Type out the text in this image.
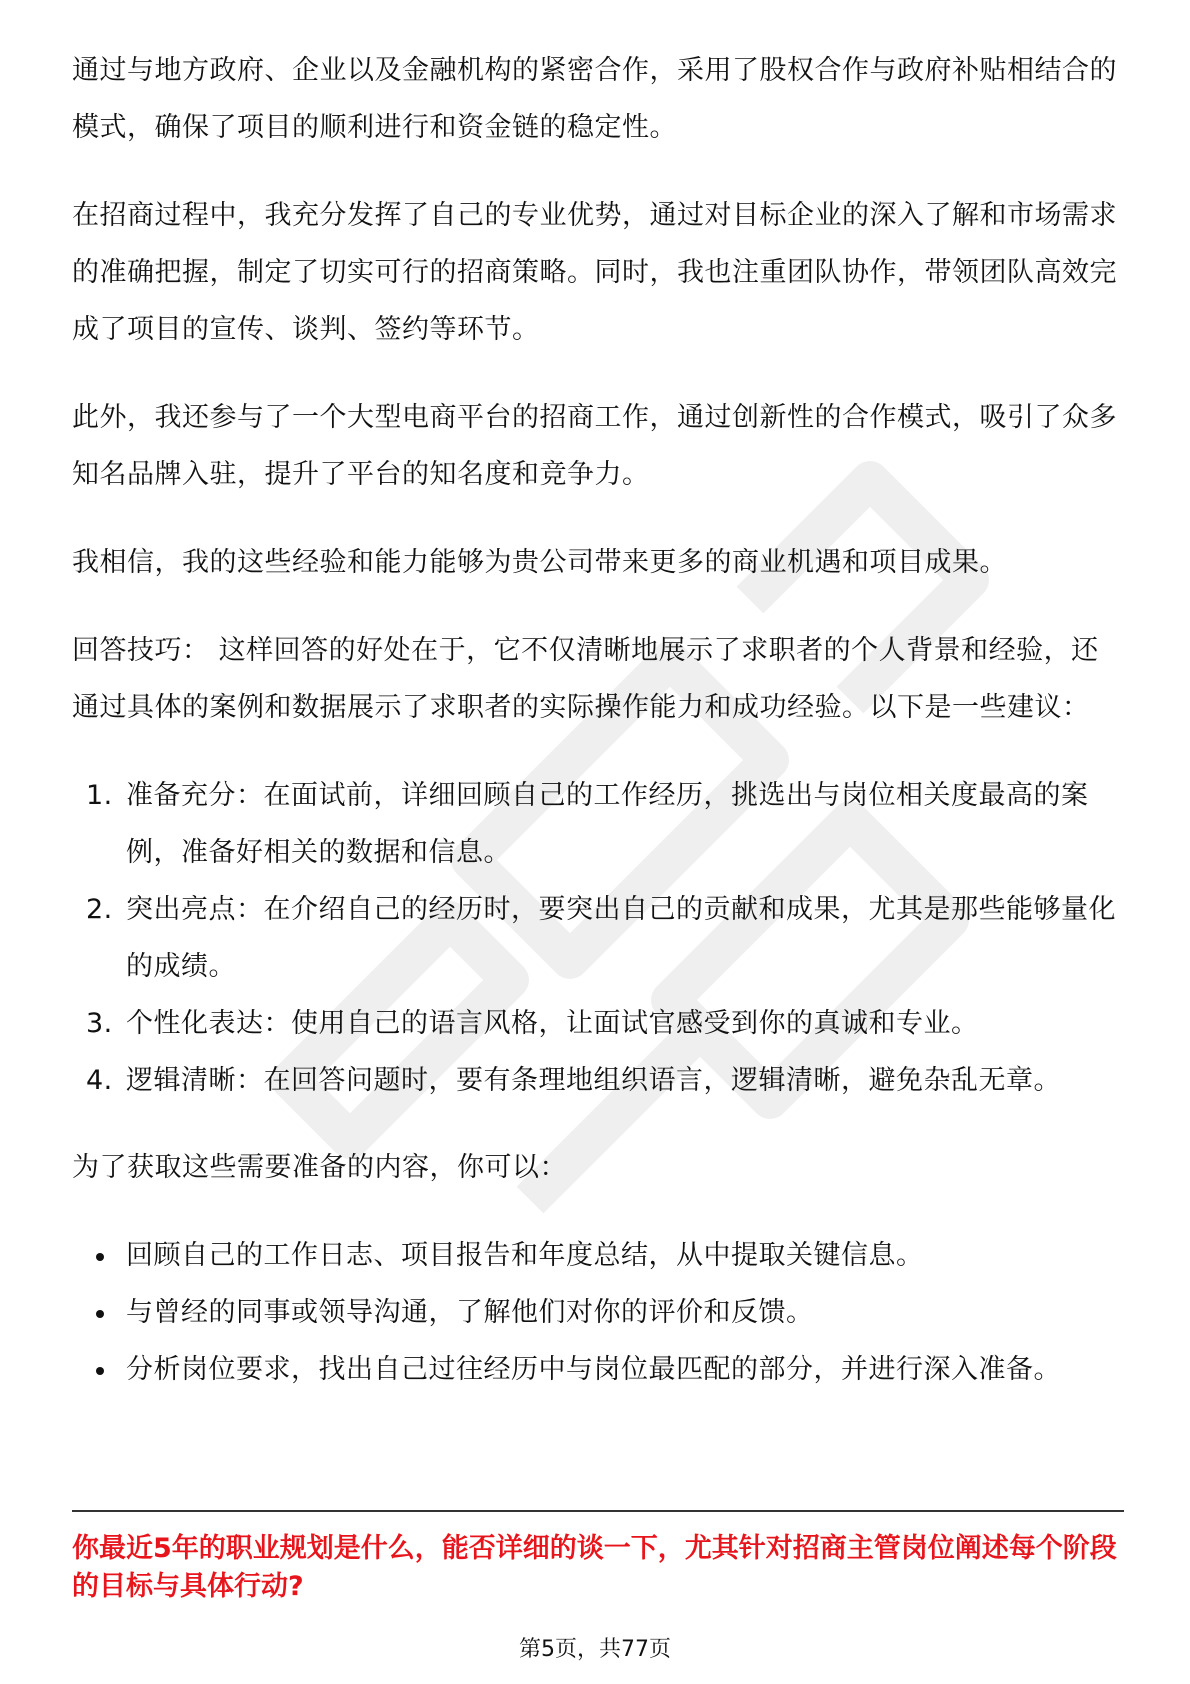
通过与地方政府、企业以及金融机构的紧密合作，采用了股权合作与政府补贴相结合的模式，确保了项目的顺利进行和资金链的稳定性。

在招商过程中，我充分发挥了自己的专业优势，通过对目标企业的深入了解和市场需求的准确把握，制定了切实可行的招商策略。同时，我也注重团队协作，带领团队高效完成了项目的宣传、谈判、签约等环节。

此外，我还参与了一个大型电商平台的招商工作，通过创新性的合作模式，吸引了众多知名品牌入驻，提升了平台的知名度和竞争力。

我相信，我的这些经验和能力能够为贵公司带来更多的商业机遇和项目成果。

回答技巧： 这样回答的好处在于，它不仅清晰地展示了求职者的个人背景和经验，还通过具体的案例和数据展示了求职者的实际操作能力和成功经验。以下是一些建议：

1. 准备充分：在面试前，详细回顾自己的工作经历，挑选出与岗位相关度最高的案例，准备好相关的数据和信息。
2. 突出亮点：在介绍自己的经历时，要突出自己的贡献和成果，尤其是那些能够量化的成绩。
3. 个性化表达：使用自己的语言风格，让面试官感受到你的真诚和专业。
4. 逻辑清晰：在回答问题时，要有条理地组织语言，逻辑清晰，避免杂乱无章。

为了获取这些需要准备的内容，你可以：

回顾自己的工作日志、项目报告和年度总结，从中提取关键信息。
与曾经的同事或领导沟通，了解他们对你的评价和反馈。
分析岗位要求，找出自己过往经历中与岗位最匹配的部分，并进行深入准备。

你最近5年的职业规划是什么，能否详细的谈一下，尤其针对招商主管岗位阐述每个阶段的目标与具体行动?

第5页，共77页
